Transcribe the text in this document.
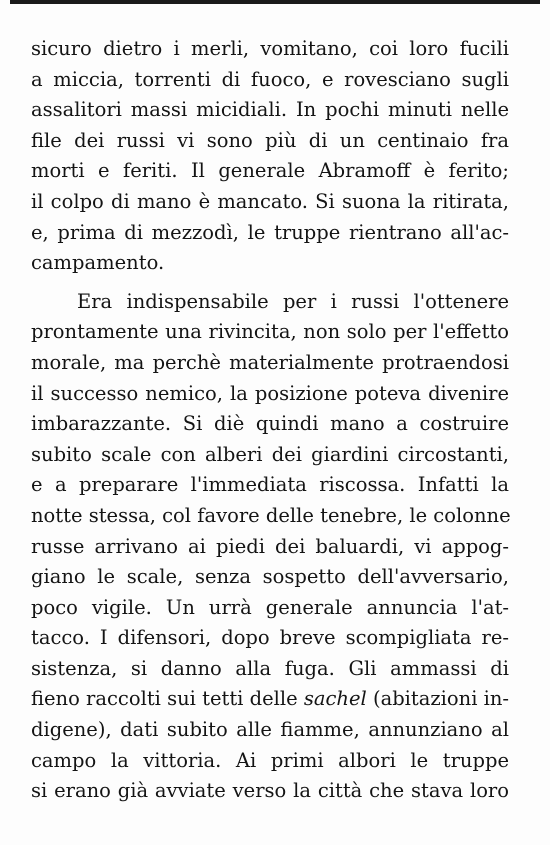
sicuro dietro i merli, vomitano, coi loro fucili
a miccia, torrenti di fuoco, e rovesciano sugli
assalitori massi micidiali. In pochi minuti nelle
file dei russi vi sono più di un centinaio fra
morti e feriti. Il generale Abramoff è ferito;
il colpo di mano è mancato. Si suona la ritirata,
e, prima di mezzodì, le truppe rientrano all'ac-
campamento.
Era indispensabile per i russi l'ottenere
prontamente una rivincita, non solo per l'effetto
morale, ma perchè materialmente protraendosi
il successo nemico, la posizione poteva divenire
imbarazzante. Si diè quindi mano a costruire
subito scale con alberi dei giardini circostanti,
e a preparare l'immediata riscossa. Infatti la
notte stessa, col favore delle tenebre, le colonne
russe arrivano ai piedi dei baluardi, vi appog-
giano le scale, senza sospetto dell'avversario,
poco vigile. Un urrà generale annuncia l'at-
tacco. I difensori, dopo breve scompigliata re-
sistenza, si danno alla fuga. Gli ammassi di
fieno raccolti sui tetti delle sachel (abitazioni in-
digene), dati subito alle fiamme, annunziano al
campo la vittoria. Ai primi albori le truppe
si erano già avviate verso la città che stava loro
